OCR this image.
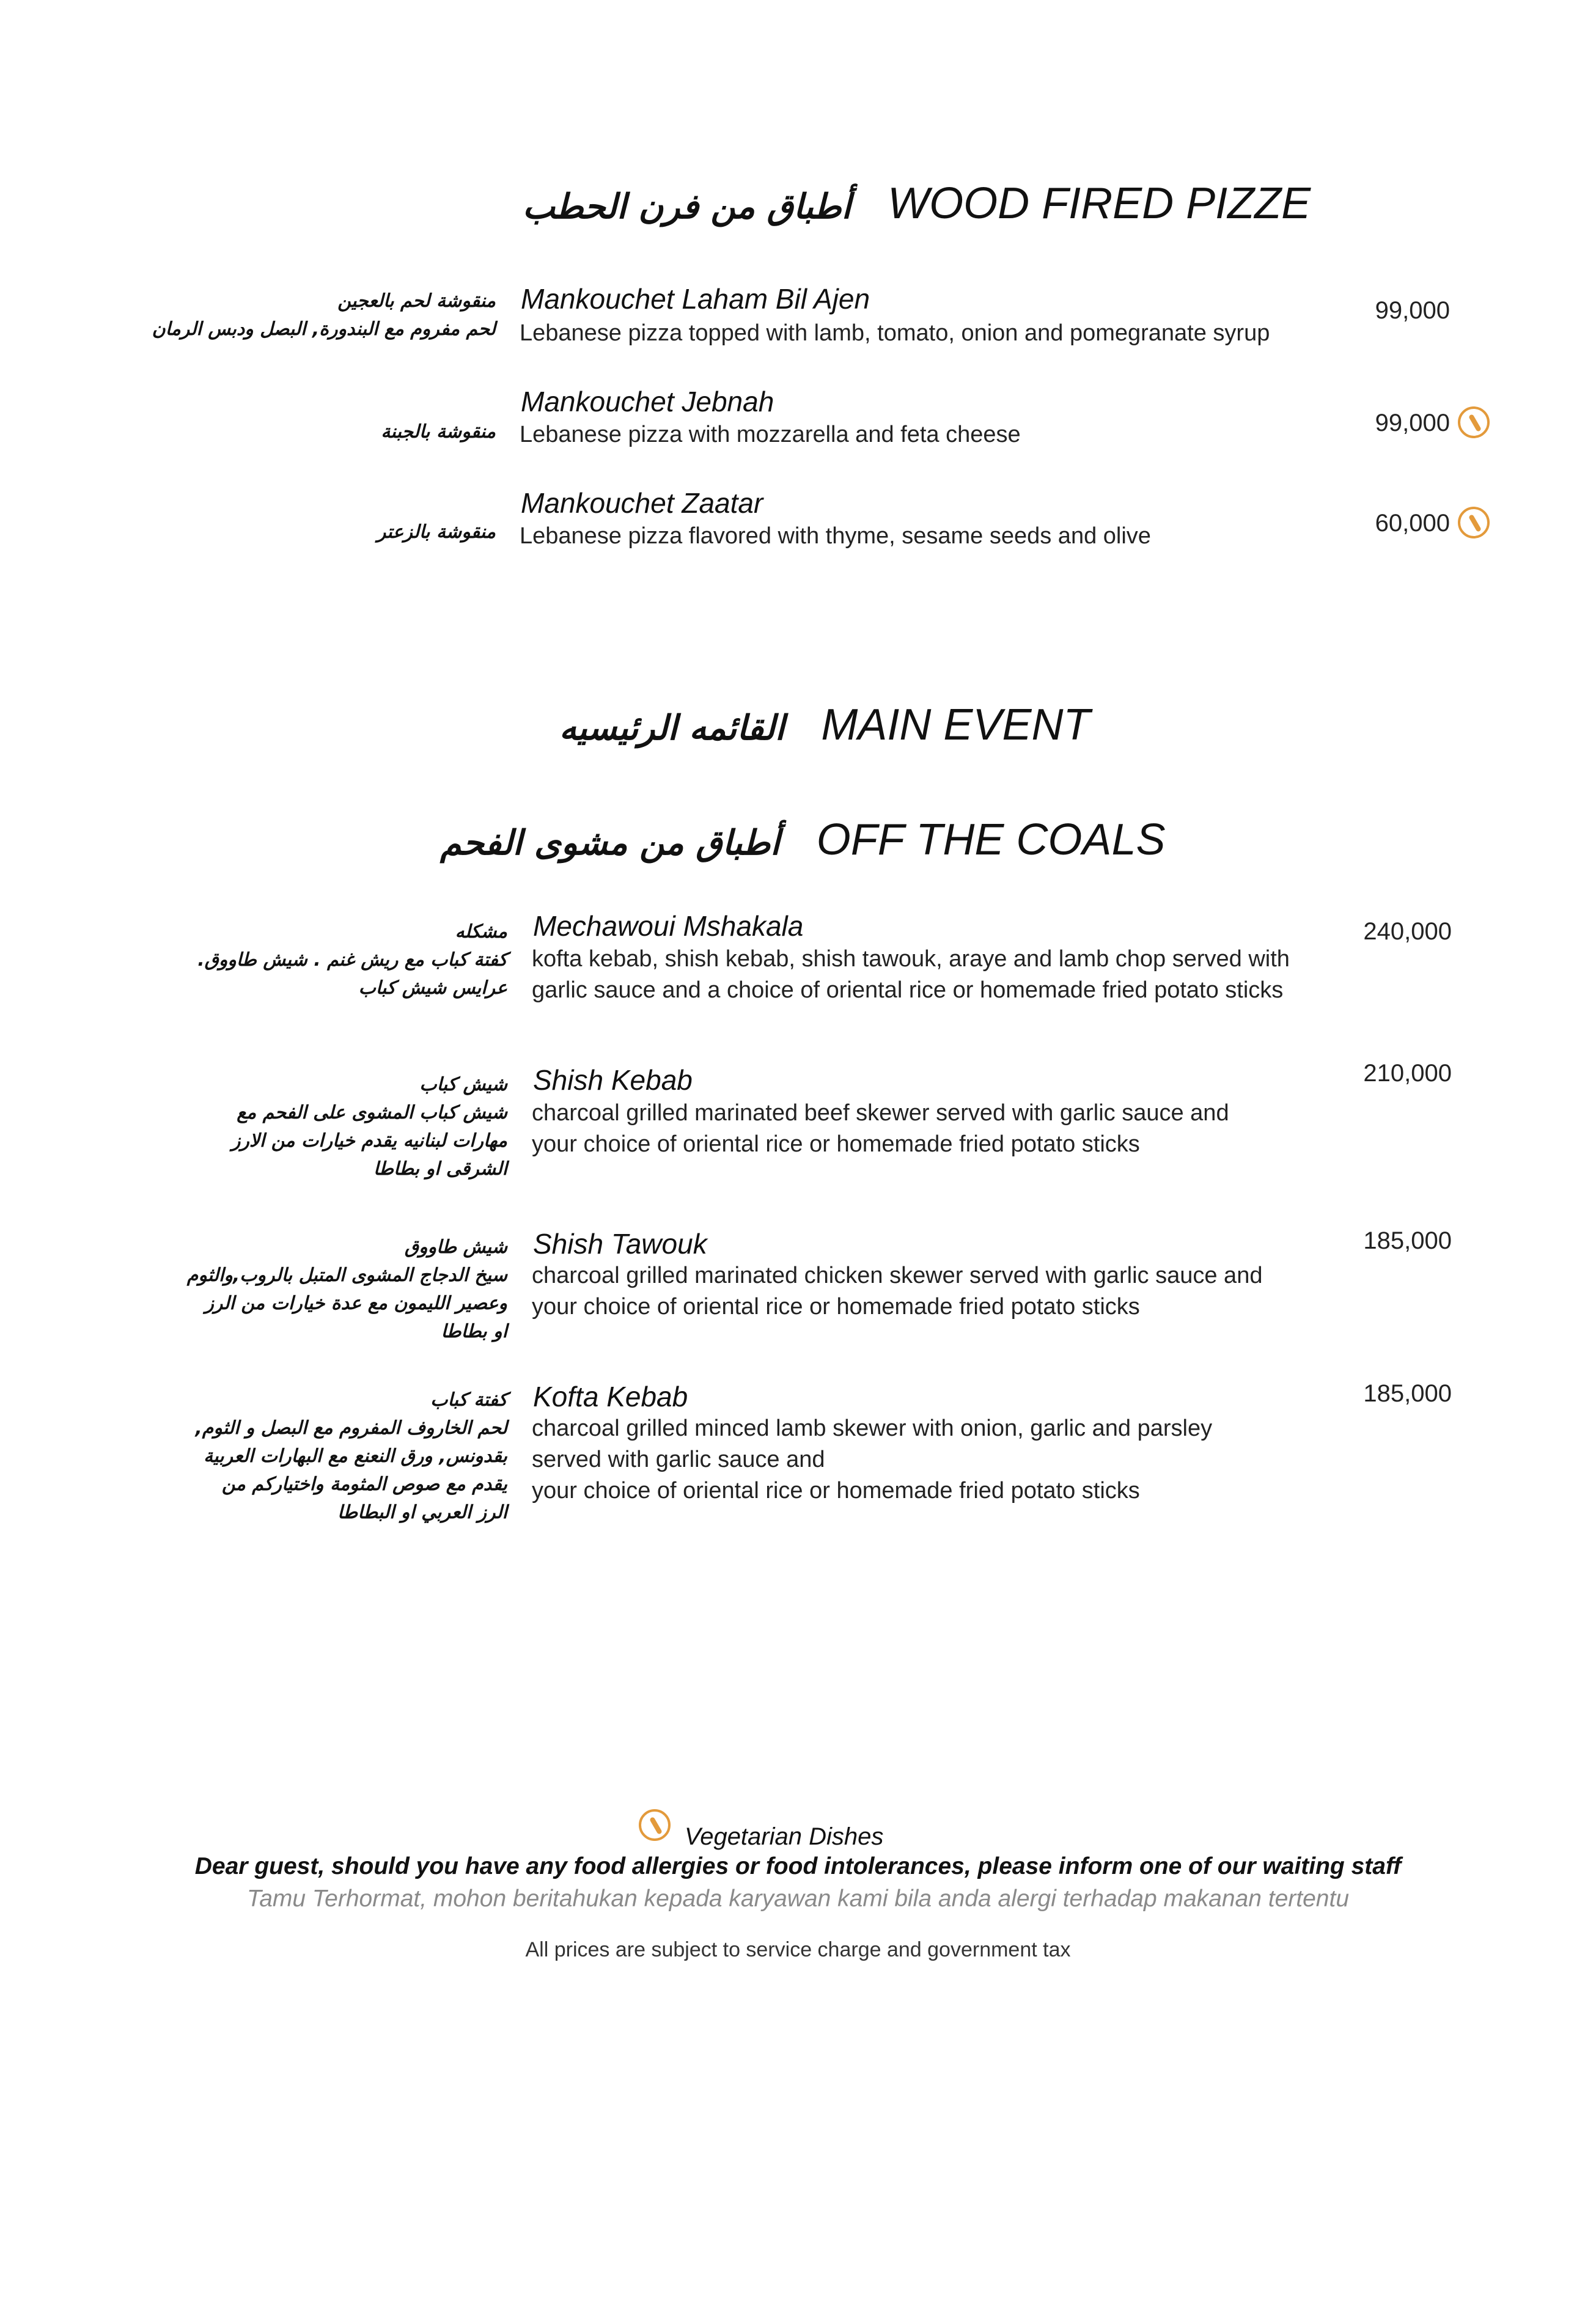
أطباق من فرن الحطب WOOD FIRED PIZZE
منقوشة لحم بالعجين
لحم مفروم مع البندورة, البصل ودبس الرمان
Mankouchet Laham Bil Ajen
Lebanese pizza topped with lamb, tomato, onion and pomegranate syrup
99,000
منقوشة بالجبنة
Mankouchet Jebnah
Lebanese pizza with mozzarella and feta cheese	99,000
منقوشة بالزعتر
Mankouchet Zaatar
Lebanese pizza flavored with thyme, sesame seeds and olive	60,000
القائمه الرئيسيه MAIN EVENT
أطباق من مشوى الفحم OFF THE COALS
مشكله
كفتة كباب مع ريش غنم . شيش طاووق.
عرايس شيش كباب
Mechawoui Mshakala
kofta kebab, shish kebab, shish tawouk, araye and lamb chop served with
garlic sauce and a choice of oriental rice or homemade fried potato sticks
240,000
شيش كباب
شيش كباب المشوى على الفحم مع
مهارات لبنانيه يقدم خيارات من الارز
الشرقى او بطاطا
Shish Kebab
charcoal grilled marinated beef skewer served with garlic sauce and
your choice of oriental rice or homemade fried potato sticks
210,000
شيش طاووق
سيخ الدجاج المشوى المتبل بالروب,والثوم
وعصير الليمون مع عدة خيارات من الرز
او بطاطا
Shish Tawouk
charcoal grilled marinated chicken skewer served with garlic sauce and
your choice of oriental rice or homemade fried potato sticks
185,000
كفتة كباب
لحم الخاروف المفروم مع البصل و الثوم,
بقدونس, ورق النعنع مع البهارات العربية
يقدم مع صوص المثومة واختياركم من
الرز العربي او البطاطا
Kofta Kebab
charcoal grilled minced lamb skewer with onion, garlic and parsley
served with garlic sauce and
your choice of oriental rice or homemade fried potato sticks
185,000
Vegetarian Dishes
Dear guest, should you have any food allergies or food intolerances, please inform one of our waiting staff
Tamu Terhormat, mohon beritahukan kepada karyawan kami bila anda alergi terhadap makanan tertentu
All prices are subject to service charge and government tax
